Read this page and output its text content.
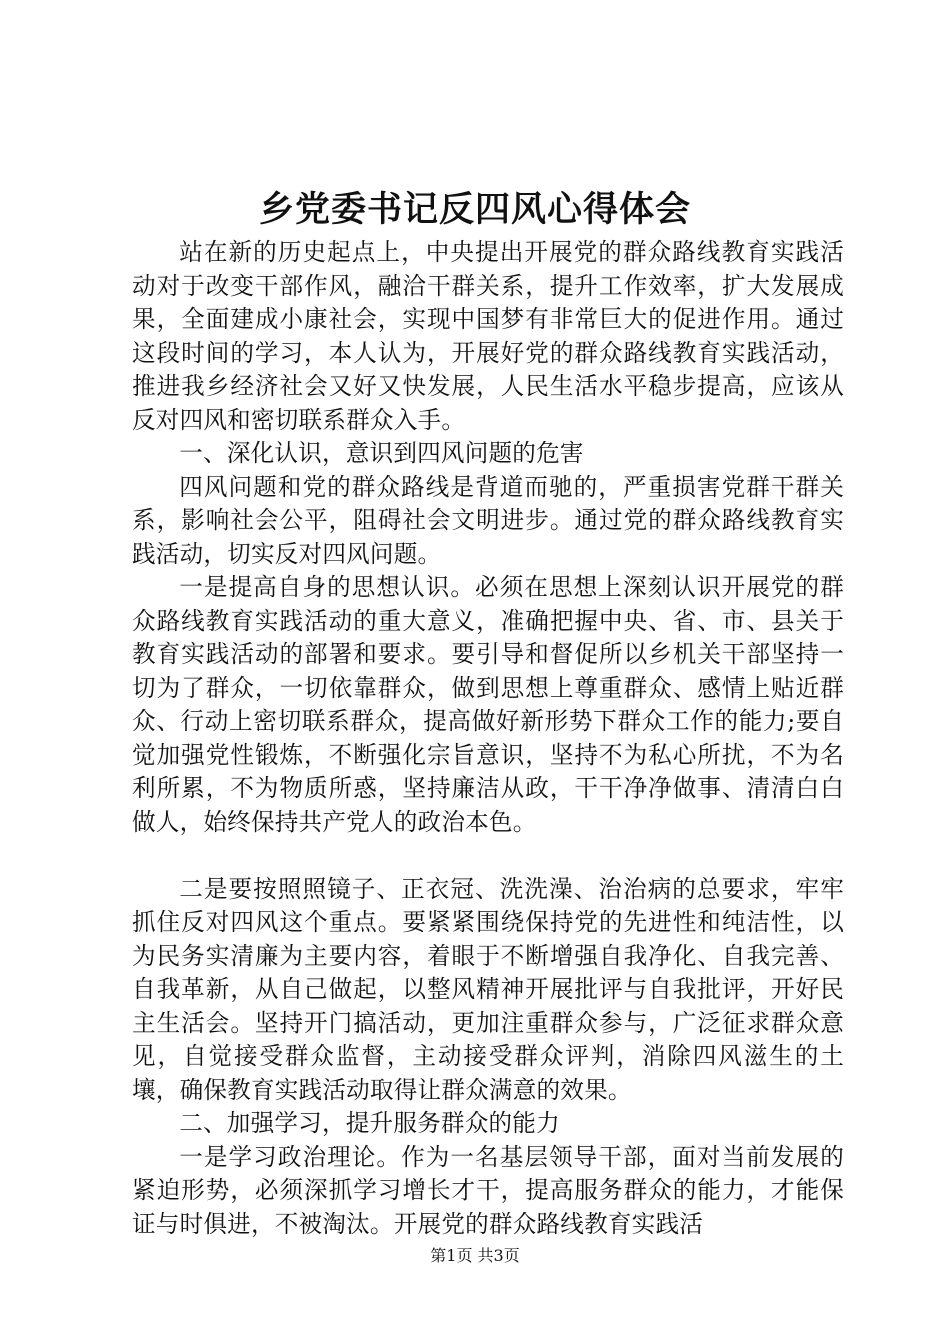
乡党委书记反四风心得体会

站在新的历史起点上，中央提出开展党的群众路线教育实践活动对于改变干部作风，融洽干群关系，提升工作效率，扩大发展成果，全面建成小康社会，实现中国梦有非常巨大的促进作用。通过这段时间的学习，本人认为，开展好党的群众路线教育实践活动，推进我乡经济社会又好又快发展，人民生活水平稳步提高，应该从反对四风和密切联系群众入手。

一、深化认识，意识到四风问题的危害

四风问题和党的群众路线是背道而驰的，严重损害党群干群关系，影响社会公平，阻碍社会文明进步。通过党的群众路线教育实践活动，切实反对四风问题。

一是提高自身的思想认识。必须在思想上深刻认识开展党的群众路线教育实践活动的重大意义，准确把握中央、省、市、县关于教育实践活动的部署和要求。要引导和督促所以乡机关干部坚持一切为了群众，一切依靠群众，做到思想上尊重群众、感情上贴近群众、行动上密切联系群众，提高做好新形势下群众工作的能力;要自觉加强党性锻炼，不断强化宗旨意识，坚持不为私心所扰，不为名利所累，不为物质所惑，坚持廉洁从政，干干净净做事、清清白白做人，始终保持共产党人的政治本色。

二是要按照照镜子、正衣冠、洗洗澡、治治病的总要求，牢牢抓住反对四风这个重点。要紧紧围绕保持党的先进性和纯洁性，以为民务实清廉为主要内容，着眼于不断增强自我净化、自我完善、自我革新，从自己做起，以整风精神开展批评与自我批评，开好民主生活会。坚持开门搞活动，更加注重群众参与，广泛征求群众意见，自觉接受群众监督，主动接受群众评判，消除四风滋生的土壤，确保教育实践活动取得让群众满意的效果。

二、加强学习，提升服务群众的能力

一是学习政治理论。作为一名基层领导干部，面对当前发展的紧迫形势，必须深抓学习增长才干，提高服务群众的能力，才能保证与时俱进，不被淘汰。开展党的群众路线教育实践活

第1页 共3页
